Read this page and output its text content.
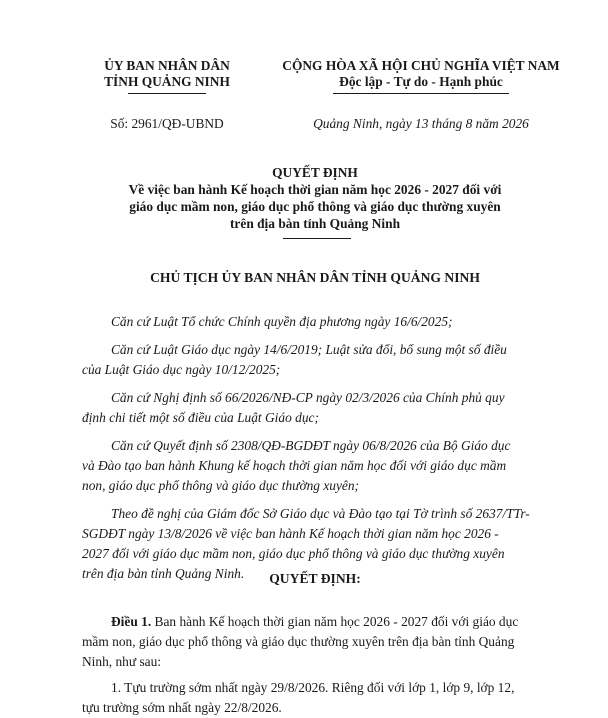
ỦY BAN NHÂN DÂN
TỈNH QUẢNG NINH
CỘNG HÒA XÃ HỘI CHỦ NGHĨA VIỆT NAM
Độc lập - Tự do - Hạnh phúc
Số: 2961/QĐ-UBND	Quảng Ninh, ngày 13 tháng 8 năm 2026
QUYẾT ĐỊNH
Về việc ban hành Kế hoạch thời gian năm học 2026 - 2027 đối với
giáo dục mầm non, giáo dục phổ thông và giáo dục thường xuyên
trên địa bàn tỉnh Quảng Ninh
CHỦ TỊCH ỦY BAN NHÂN DÂN TỈNH QUẢNG NINH
Căn cứ Luật Tổ chức Chính quyền địa phương ngày 16/6/2025;
Căn cứ Luật Giáo dục ngày 14/6/2019; Luật sửa đổi, bổ sung một số điều
của Luật Giáo dục ngày 10/12/2025;
Căn cứ Nghị định số 66/2026/NĐ-CP ngày 02/3/2026 của Chính phủ quy
định chi tiết một số điều của Luật Giáo dục;
Căn cứ Quyết định số 2308/QĐ-BGDĐT ngày 06/8/2026 của Bộ Giáo dục
và Đào tạo ban hành Khung kế hoạch thời gian năm học đối với giáo dục mầm
non, giáo dục phổ thông và giáo dục thường xuyên;
Theo đề nghị của Giám đốc Sở Giáo dục và Đào tạo tại Tờ trình số 2637/TTr-
SGDĐT ngày 13/8/2026 về việc ban hành Kế hoạch thời gian năm học 2026 -
2027 đối với giáo dục mầm non, giáo dục phổ thông và giáo dục thường xuyên
trên địa bàn tỉnh Quảng Ninh.	QUYẾT ĐỊNH:
Điều 1. Ban hành Kế hoạch thời gian năm học 2026 - 2027 đối với giáo dục
mầm non, giáo dục phổ thông và giáo dục thường xuyên trên địa bàn tỉnh Quảng
Ninh, như sau:
1. Tựu trường sớm nhất ngày 29/8/2026. Riêng đối với lớp 1, lớp 9, lớp 12,
tựu trường sớm nhất ngày 22/8/2026.
